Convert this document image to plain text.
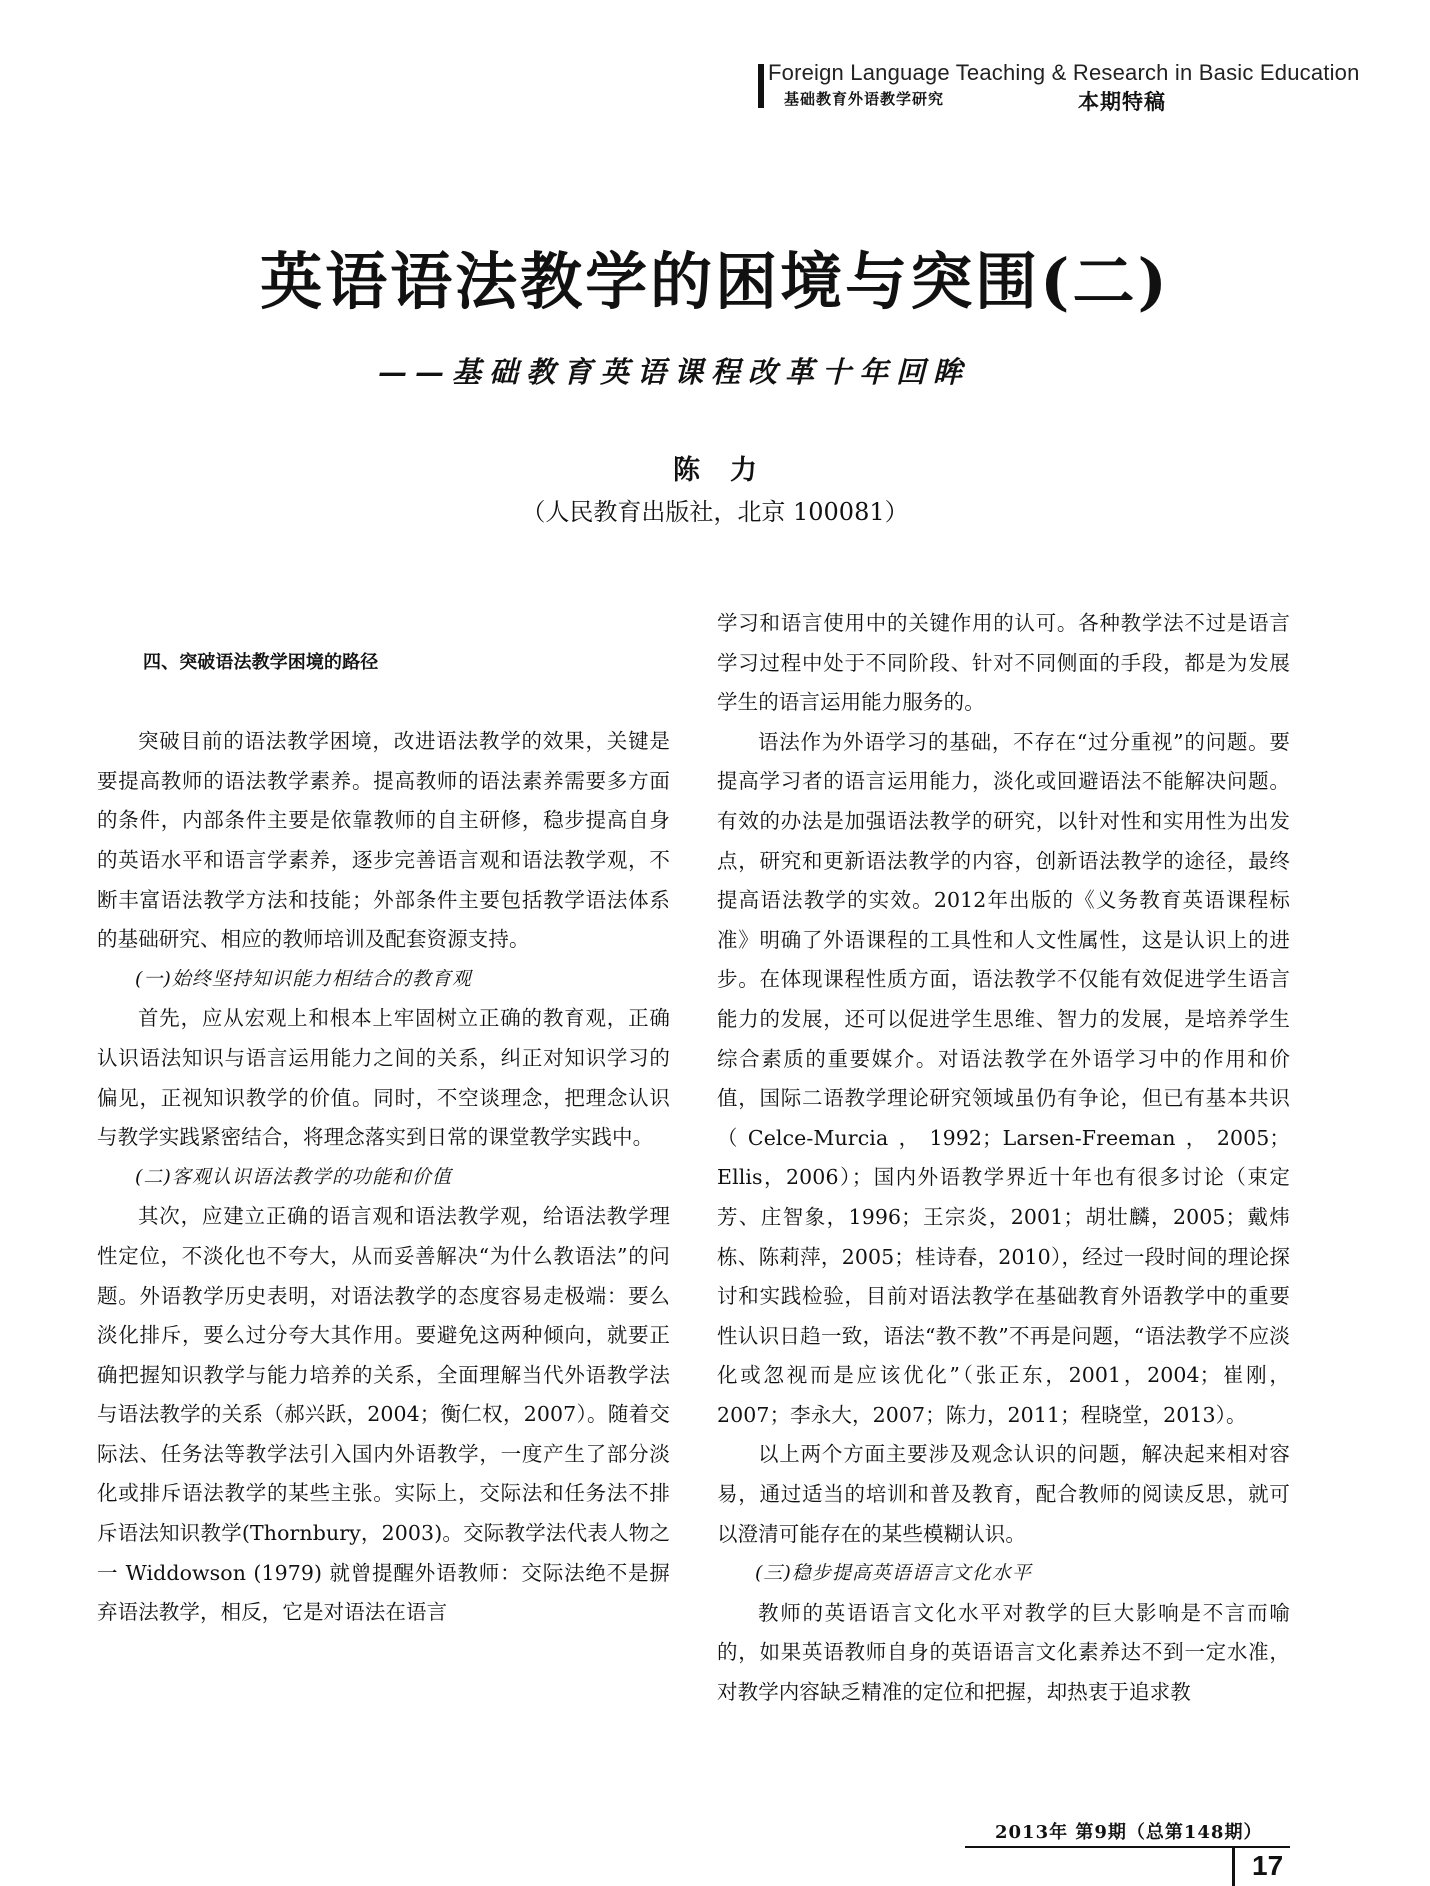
Foreign Language Teaching & Research in Basic Education
基础教育外语教学研究	本期特稿
英语语法教学的困境与突围(二)
——基础教育英语课程改革十年回眸
陈力
（人民教育出版社，北京 100081）
四、突破语法教学困境的路径

突破目前的语法教学困境，改进语法教学的效果，关键是要提高教师的语法教学素养。提高教师的语法素养需要多方面的条件，内部条件主要是依靠教师的自主研修，稳步提高自身的英语水平和语言学素养，逐步完善语言观和语法教学观，不断丰富语法教学方法和技能；外部条件主要包括教学语法体系的基础研究、相应的教师培训及配套资源支持。

(一)始终坚持知识能力相结合的教育观

首先，应从宏观上和根本上牢固树立正确的教育观，正确认识语法知识与语言运用能力之间的关系，纠正对知识学习的偏见，正视知识教学的价值。同时，不空谈理念，把理念认识与教学实践紧密结合，将理念落实到日常的课堂教学实践中。

(二)客观认识语法教学的功能和价值

其次，应建立正确的语言观和语法教学观，给语法教学理性定位，不淡化也不夸大，从而妥善解决“为什么教语法”的问题。外语教学历史表明，对语法教学的态度容易走极端：要么淡化排斥，要么过分夸大其作用。要避免这两种倾向，就要正确把握知识教学与能力培养的关系，全面理解当代外语教学法与语法教学的关系（郝兴跃，2004；衡仁权，2007）。随着交际法、任务法等教学法引入国内外语教学，一度产生了部分淡化或排斥语法教学的某些主张。实际上，交际法和任务法不排斥语法知识教学(Thornbury，2003)。交际教学法代表人物之一 Widdowson (1979) 就曾提醒外语教师：交际法绝不是摒弃语法教学，相反，它是对语法在语言

学习和语言使用中的关键作用的认可。各种教学法不过是语言学习过程中处于不同阶段、针对不同侧面的手段，都是为发展学生的语言运用能力服务的。

语法作为外语学习的基础，不存在“过分重视”的问题。要提高学习者的语言运用能力，淡化或回避语法不能解决问题。有效的办法是加强语法教学的研究，以针对性和实用性为出发点，研究和更新语法教学的内容，创新语法教学的途径，最终提高语法教学的实效。2012年出版的《义务教育英语课程标准》明确了外语课程的工具性和人文性属性，这是认识上的进步。在体现课程性质方面，语法教学不仅能有效促进学生语言能力的发展，还可以促进学生思维、智力的发展，是培养学生综合素质的重要媒介。对语法教学在外语学习中的作用和价值，国际二语教学理论研究领域虽仍有争论，但已有基本共识（Celce-Murcia，1992；Larsen-Freeman，2005；Ellis，2006）；国内外语教学界近十年也有很多讨论（束定芳、庄智象，1996；王宗炎，2001；胡壮麟，2005；戴炜栋、陈莉萍，2005；桂诗春，2010），经过一段时间的理论探讨和实践检验，目前对语法教学在基础教育外语教学中的重要性认识日趋一致，语法“教不教”不再是问题，“语法教学不应淡化或忽视而是应该优化”（张正东，2001，2004；崔刚，2007；李永大，2007；陈力，2011；程晓堂，2013）。

以上两个方面主要涉及观念认识的问题，解决起来相对容易，通过适当的培训和普及教育，配合教师的阅读反思，就可以澄清可能存在的某些模糊认识。

(三)稳步提高英语语言文化水平

教师的英语语言文化水平对教学的巨大影响是不言而喻的，如果英语教师自身的英语语言文化素养达不到一定水准，对教学内容缺乏精准的定位和把握，却热衷于追求教

2013年 第9期（总第148期）
17
